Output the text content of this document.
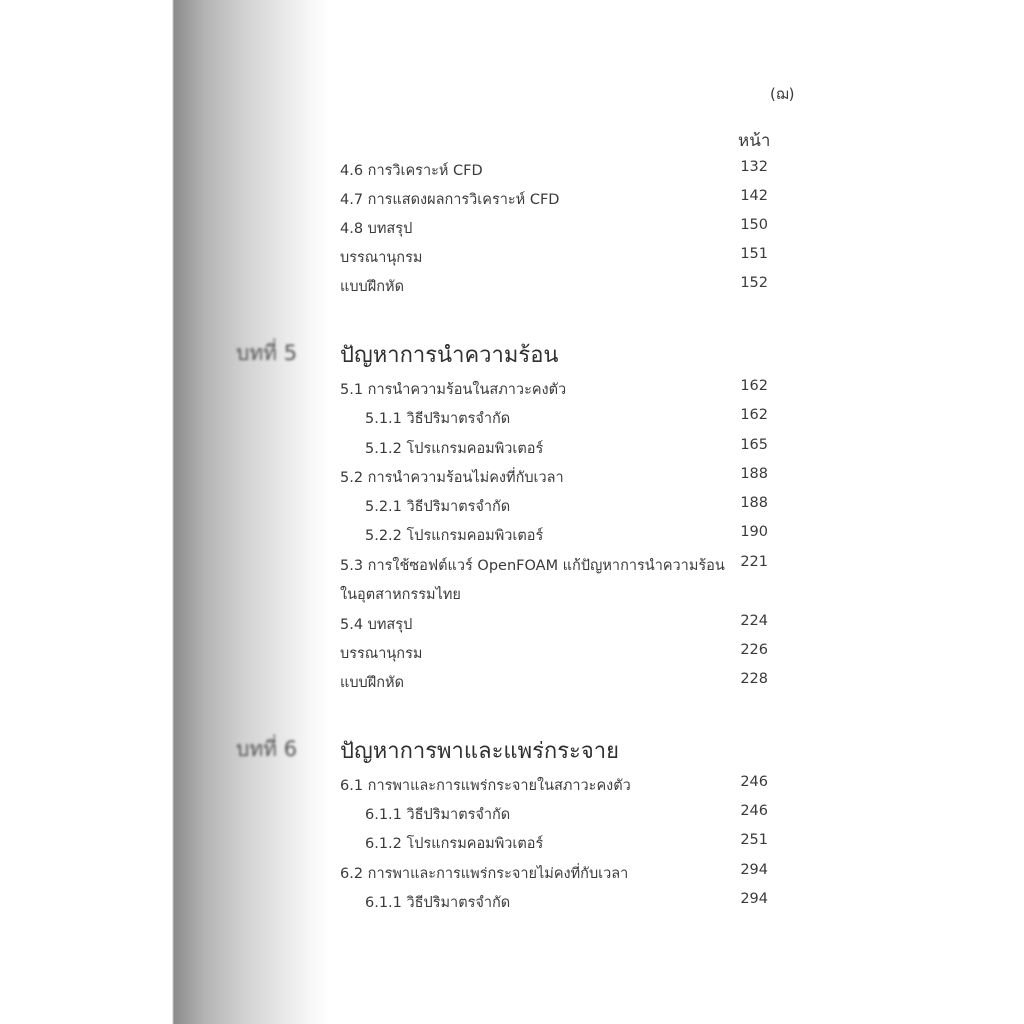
(ฌ)
หน้า
4.6 การวิเคราะห์ CFD	132
4.7 การแสดงผลการวิเคราะห์ CFD	142
4.8 บทสรุป	150
บรรณานุกรม	151
แบบฝึกหัด	152
บทที่ 5 ปัญหาการนำความร้อน
5.1 การนำความร้อนในสภาวะคงตัว	162
5.1.1 วิธีปริมาตรจำกัด	162
5.1.2 โปรแกรมคอมพิวเตอร์	165
5.2 การนำความร้อนไม่คงที่กับเวลา	188
5.2.1 วิธีปริมาตรจำกัด	188
5.2.2 โปรแกรมคอมพิวเตอร์	190
5.3 การใช้ซอฟต์แวร์ OpenFOAM แก้ปัญหาการนำความร้อน	221
ในอุตสาหกรรมไทย
5.4 บทสรุป	224
บรรณานุกรม	226
แบบฝึกหัด	228
บทที่ 6 ปัญหาการพาและแพร่กระจาย
6.1 การพาและการแพร่กระจายในสภาวะคงตัว	246
6.1.1 วิธีปริมาตรจำกัด	246
6.1.2 โปรแกรมคอมพิวเตอร์	251
6.2 การพาและการแพร่กระจายไม่คงที่กับเวลา	294
6.1.1 วิธีปริมาตรจำกัด	294
